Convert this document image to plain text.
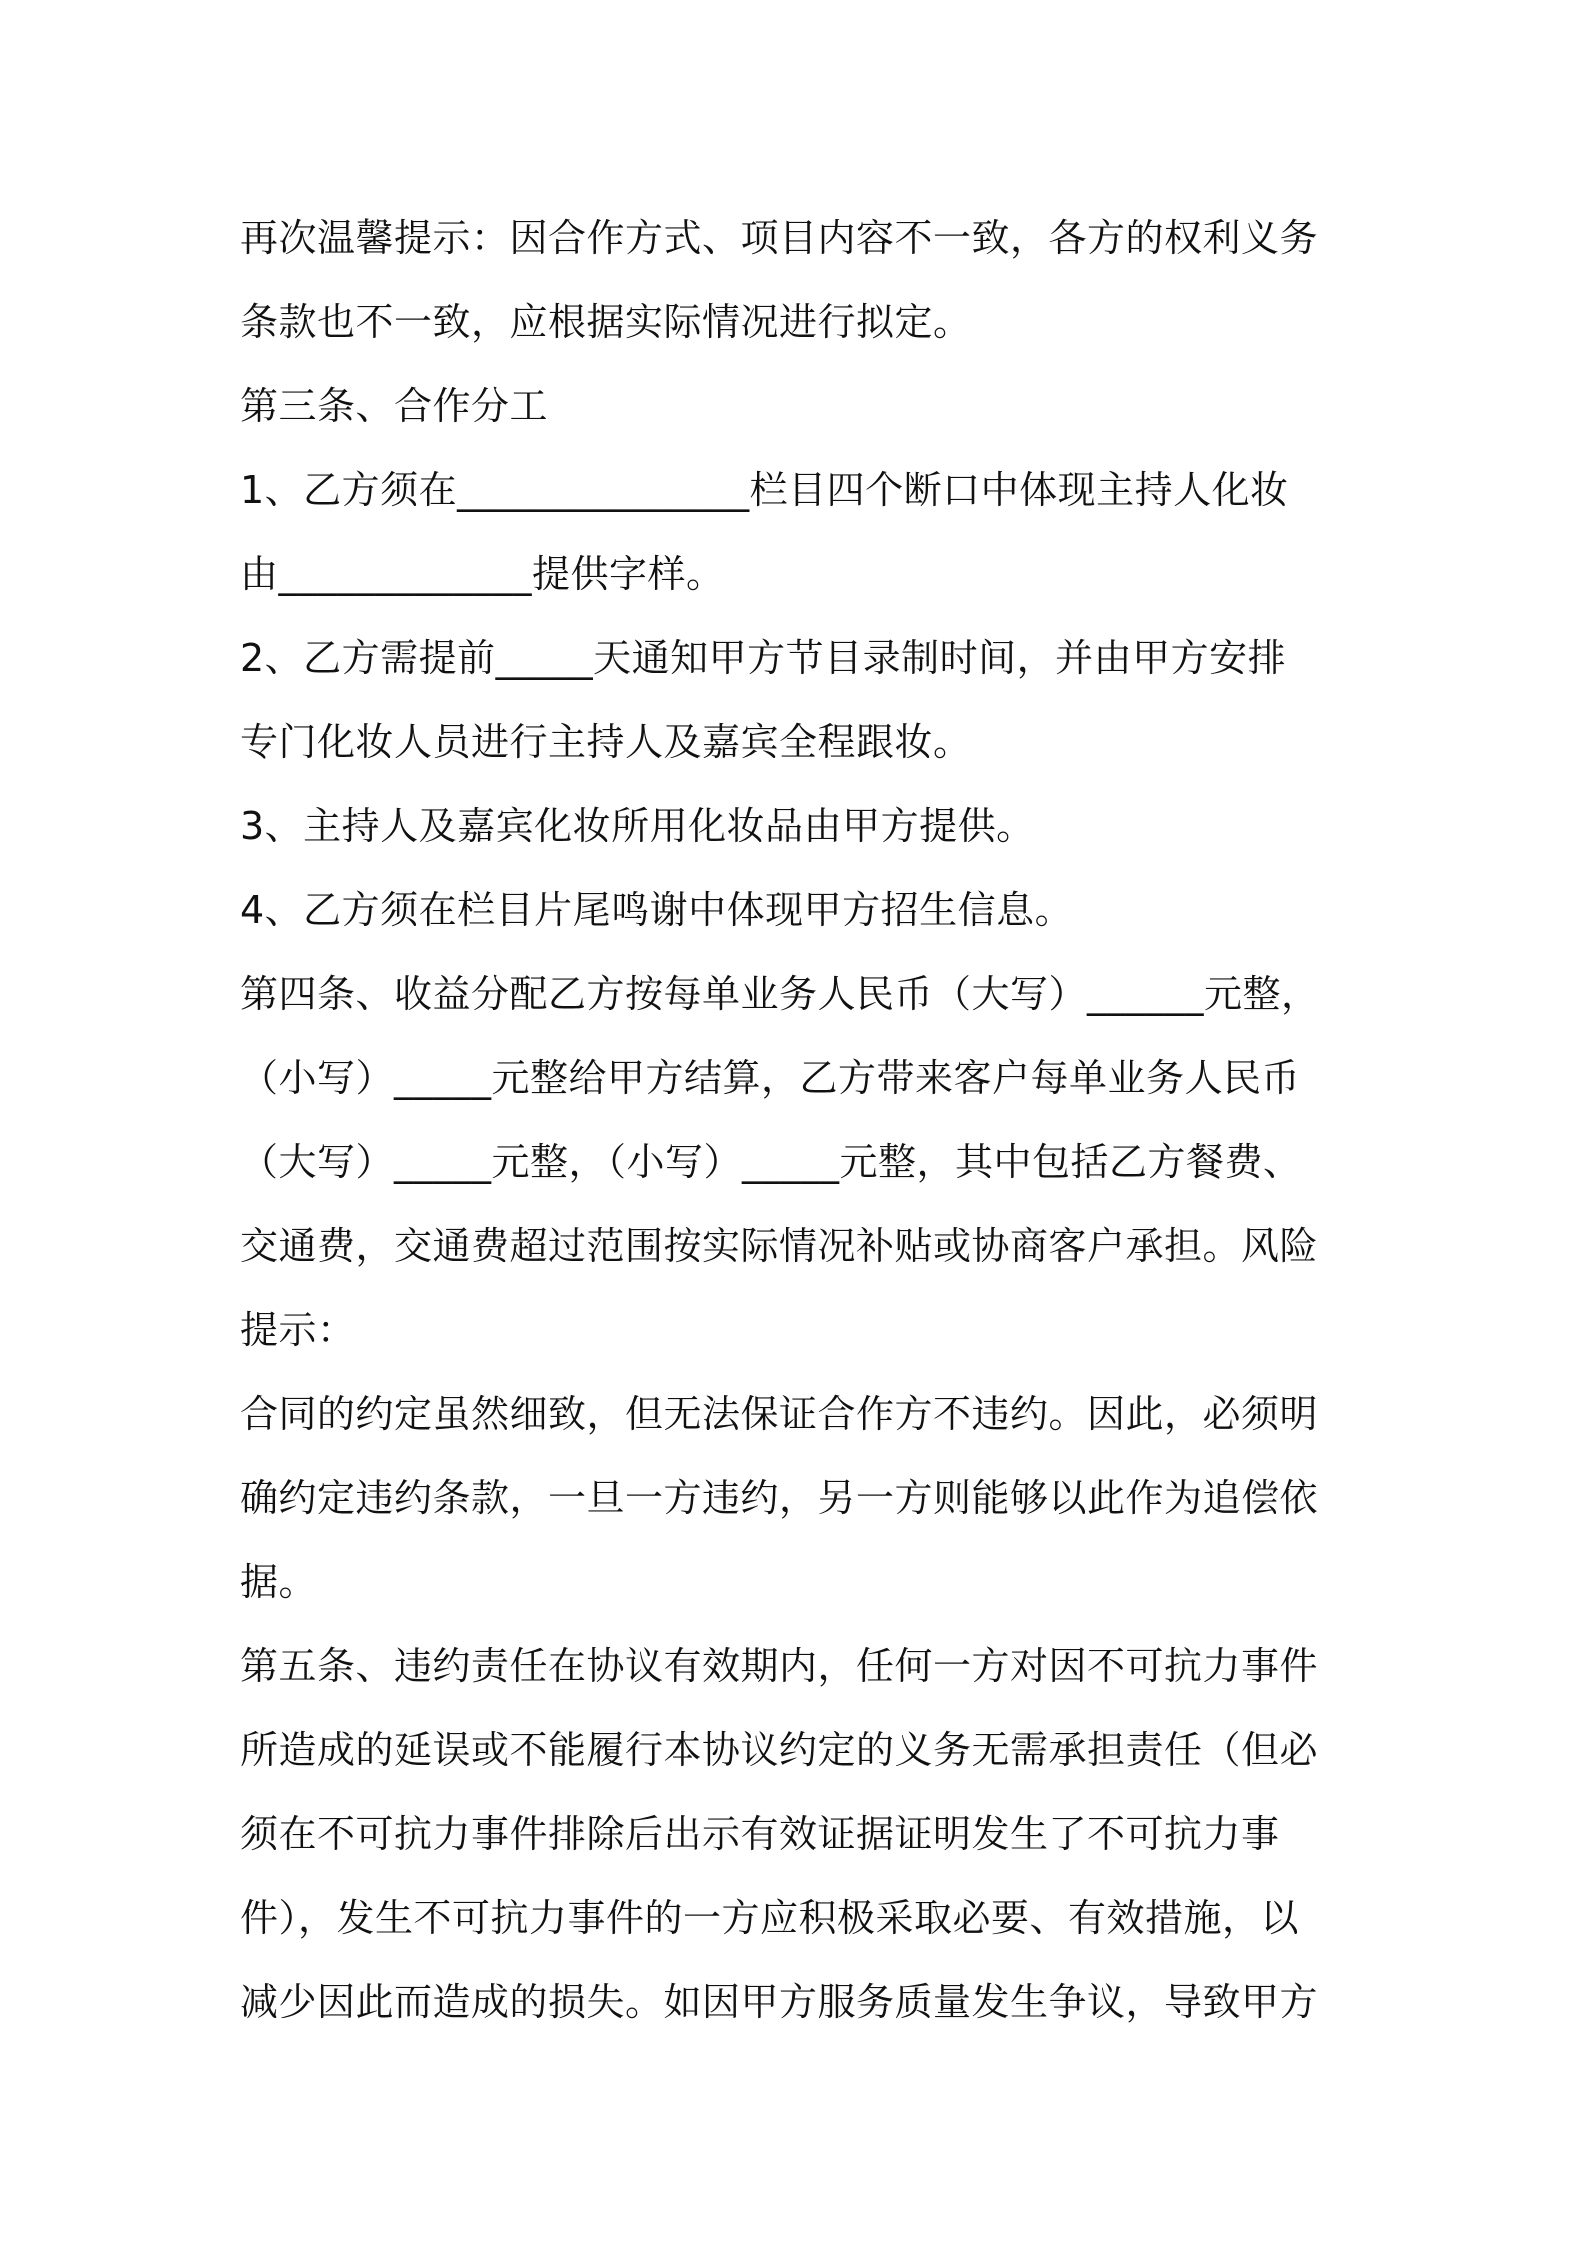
再次温馨提示：因合作方式、项目内容不一致，各方的权利义务
条款也不一致，应根据实际情况进行拟定。
第三条、合作分工
1、乙方须在_______________栏目四个断口中体现主持人化妆
由_____________提供字样。
2、乙方需提前_____天通知甲方节目录制时间，并由甲方安排
专门化妆人员进行主持人及嘉宾全程跟妆。
3、主持人及嘉宾化妆所用化妆品由甲方提供。
4、乙方须在栏目片尾鸣谢中体现甲方招生信息。
第四条、收益分配乙方按每单业务人民币（大写）______元整，
（小写）_____元整给甲方结算，乙方带来客户每单业务人民币
（大写）_____元整，（小写）_____元整，其中包括乙方餐费、
交通费，交通费超过范围按实际情况补贴或协商客户承担。风险
提示：
合同的约定虽然细致，但无法保证合作方不违约。因此，必须明
确约定违约条款，一旦一方违约，另一方则能够以此作为追偿依
据。
第五条、违约责任在协议有效期内，任何一方对因不可抗力事件
所造成的延误或不能履行本协议约定的义务无需承担责任（但必
须在不可抗力事件排除后出示有效证据证明发生了不可抗力事
件），发生不可抗力事件的一方应积极采取必要、有效措施，以
减少因此而造成的损失。如因甲方服务质量发生争议，导致甲方
